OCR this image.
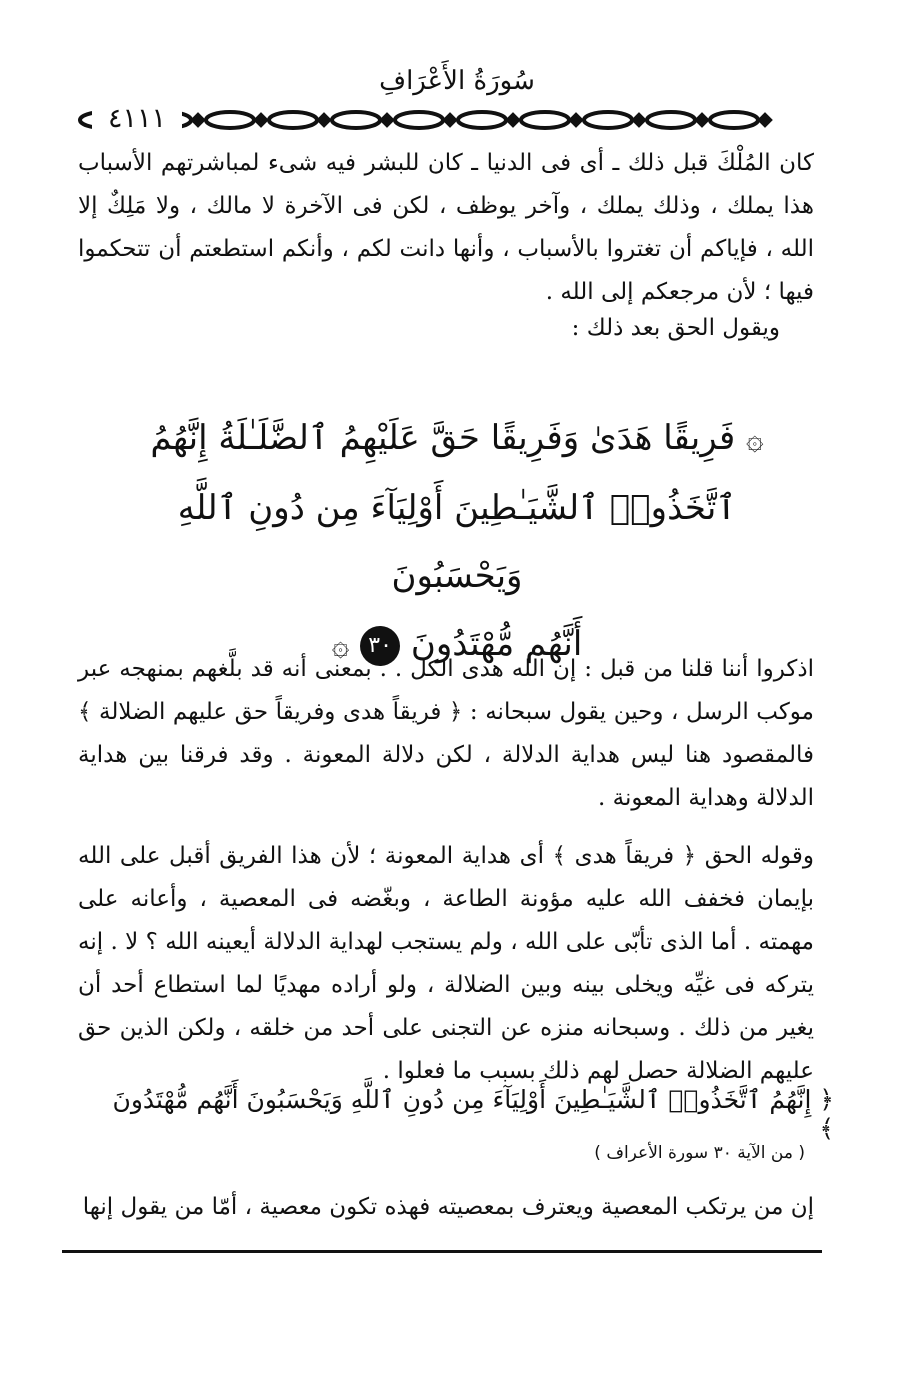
سُورَةُ الأَعْرَافِ
٤١١١

كان المُلْكَ قبل ذلك ـ أى فى الدنيا ـ كان للبشر فيه شىء لمباشرتهم الأسباب هذا يملك ، وذلك يملك ، وآخر يوظف ، لكن فى الآخرة لا مالك ، ولا مَلِكٌ إلا الله ، فإياكم أن تغتروا بالأسباب ، وأنها دانت لكم ، وأنكم استطعتم أن تتحكموا فيها ؛ لأن مرجعكم إلى الله .

ويقول الحق بعد ذلك :
۞ فَرِيقًا هَدَىٰ وَفَرِيقًا حَقَّ عَلَيْهِمُ ٱلضَّلَـٰلَةُ إِنَّهُمُ
ٱتَّخَذُوا۟ ٱلشَّيَـٰطِينَ أَوْلِيَآءَ مِن دُونِ ٱللَّهِ وَيَحْسَبُونَ
أَنَّهُم مُّهْتَدُونَ ٣٠ ۞

اذكروا أننا قلنا من قبل : إن الله هدى الكل . . بمعنى أنه قد بلَّغهم بمنهجه عبر موكب الرسل ، وحين يقول سبحانه : ﴿ فريقاً هدى وفريقاً حق عليهم الضلالة ﴾ فالمقصود هنا ليس هداية الدلالة ، لكن دلالة المعونة . وقد فرقنا بين هداية الدلالة وهداية المعونة .

وقوله الحق ﴿ فريقاً هدى ﴾ أى هداية المعونة ؛ لأن هذا الفريق أقبل على الله بإيمان فخفف الله عليه مؤونة الطاعة ، وبغّضه فى المعصية ، وأعانه على مهمته . أما الذى تأبّى على الله ، ولم يستجب لهداية الدلالة أيعينه الله ؟ لا . إنه يتركه فى غيِّه ويخلى بينه وبين الضلالة ، ولو أراده مهديًا لما استطاع أحد أن يغير من ذلك . وسبحانه منزه عن التجنى على أحد من خلقه ، ولكن الذين حق عليهم الضلالة حصل لهم ذلك بسبب ما فعلوا .

﴿ إِنَّهُمُ ٱتَّخَذُوا۟ ٱلشَّيَـٰطِينَ أَوْلِيَآءَ مِن دُونِ ٱللَّهِ وَيَحْسَبُونَ أَنَّهُم مُّهْتَدُونَ ﴾
( من الآية ٣٠ سورة الأعراف )

إن من يرتكب المعصية ويعترف بمعصيته فهذه تكون معصية ، أمّا من يقول إنها
